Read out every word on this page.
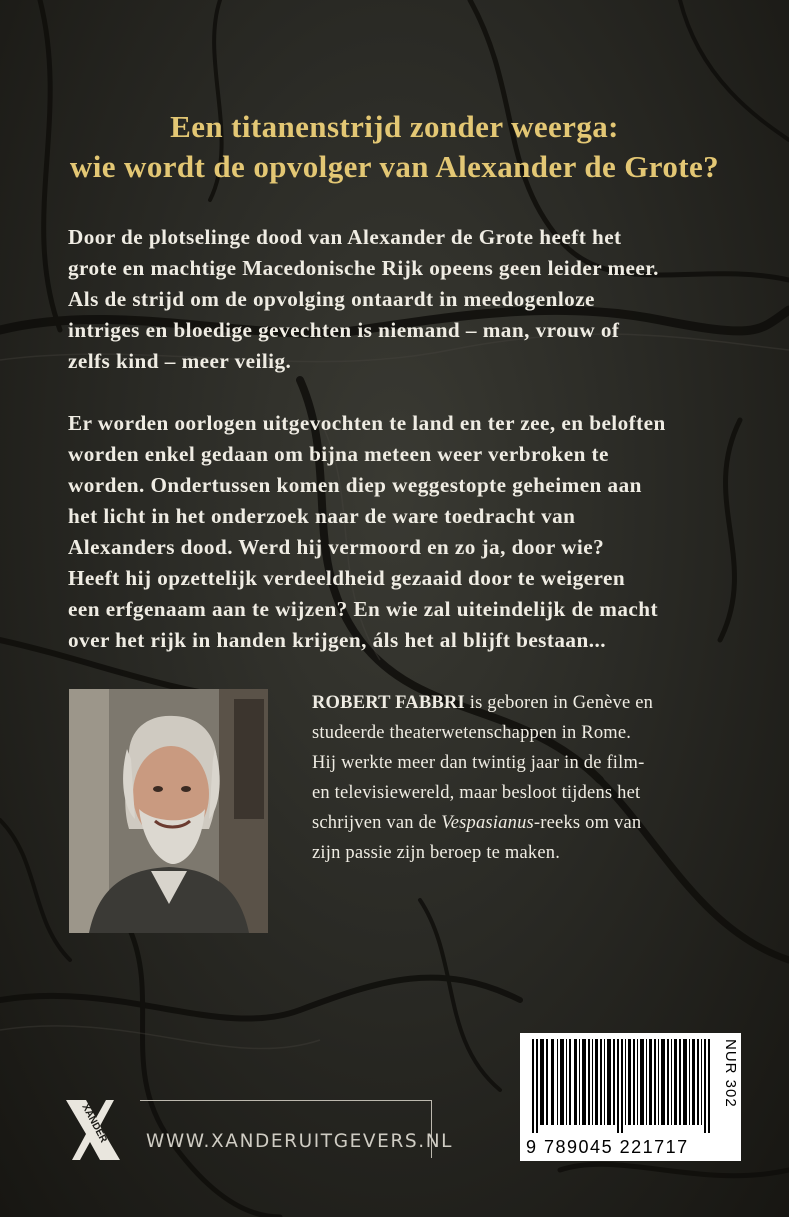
Een titanenstrijd zonder weerga:
wie wordt de opvolger van Alexander de Grote?
Door de plotselinge dood van Alexander de Grote heeft het
grote en machtige Macedonische Rijk opeens geen leider meer.
Als de strijd om de opvolging ontaardt in meedogenloze
intriges en bloedige gevechten is niemand – man, vrouw of
zelfs kind – meer veilig.
Er worden oorlogen uitgevochten te land en ter zee, en beloften
worden enkel gedaan om bijna meteen weer verbroken te
worden. Ondertussen komen diep weggestopte geheimen aan
het licht in het onderzoek naar de ware toedracht van
Alexanders dood. Werd hij vermoord en zo ja, door wie?
Heeft hij opzettelijk verdeeldheid gezaaid door te weigeren
een erfgenaam aan te wijzen? En wie zal uiteindelijk de macht
over het rijk in handen krijgen, áls het al blijft bestaan...
ROBERT FABBRI is geboren in Genève en
studeerde theaterwetenschappen in Rome.
Hij werkte meer dan twintig jaar in de film-
en televisiewereld, maar besloot tijdens het
schrijven van de Vespasianus-reeks om van
zijn passie zijn beroep te maken.
9 789045 221717
NUR 302
XANDER WWW.XANDERUITGEVERS.NL
